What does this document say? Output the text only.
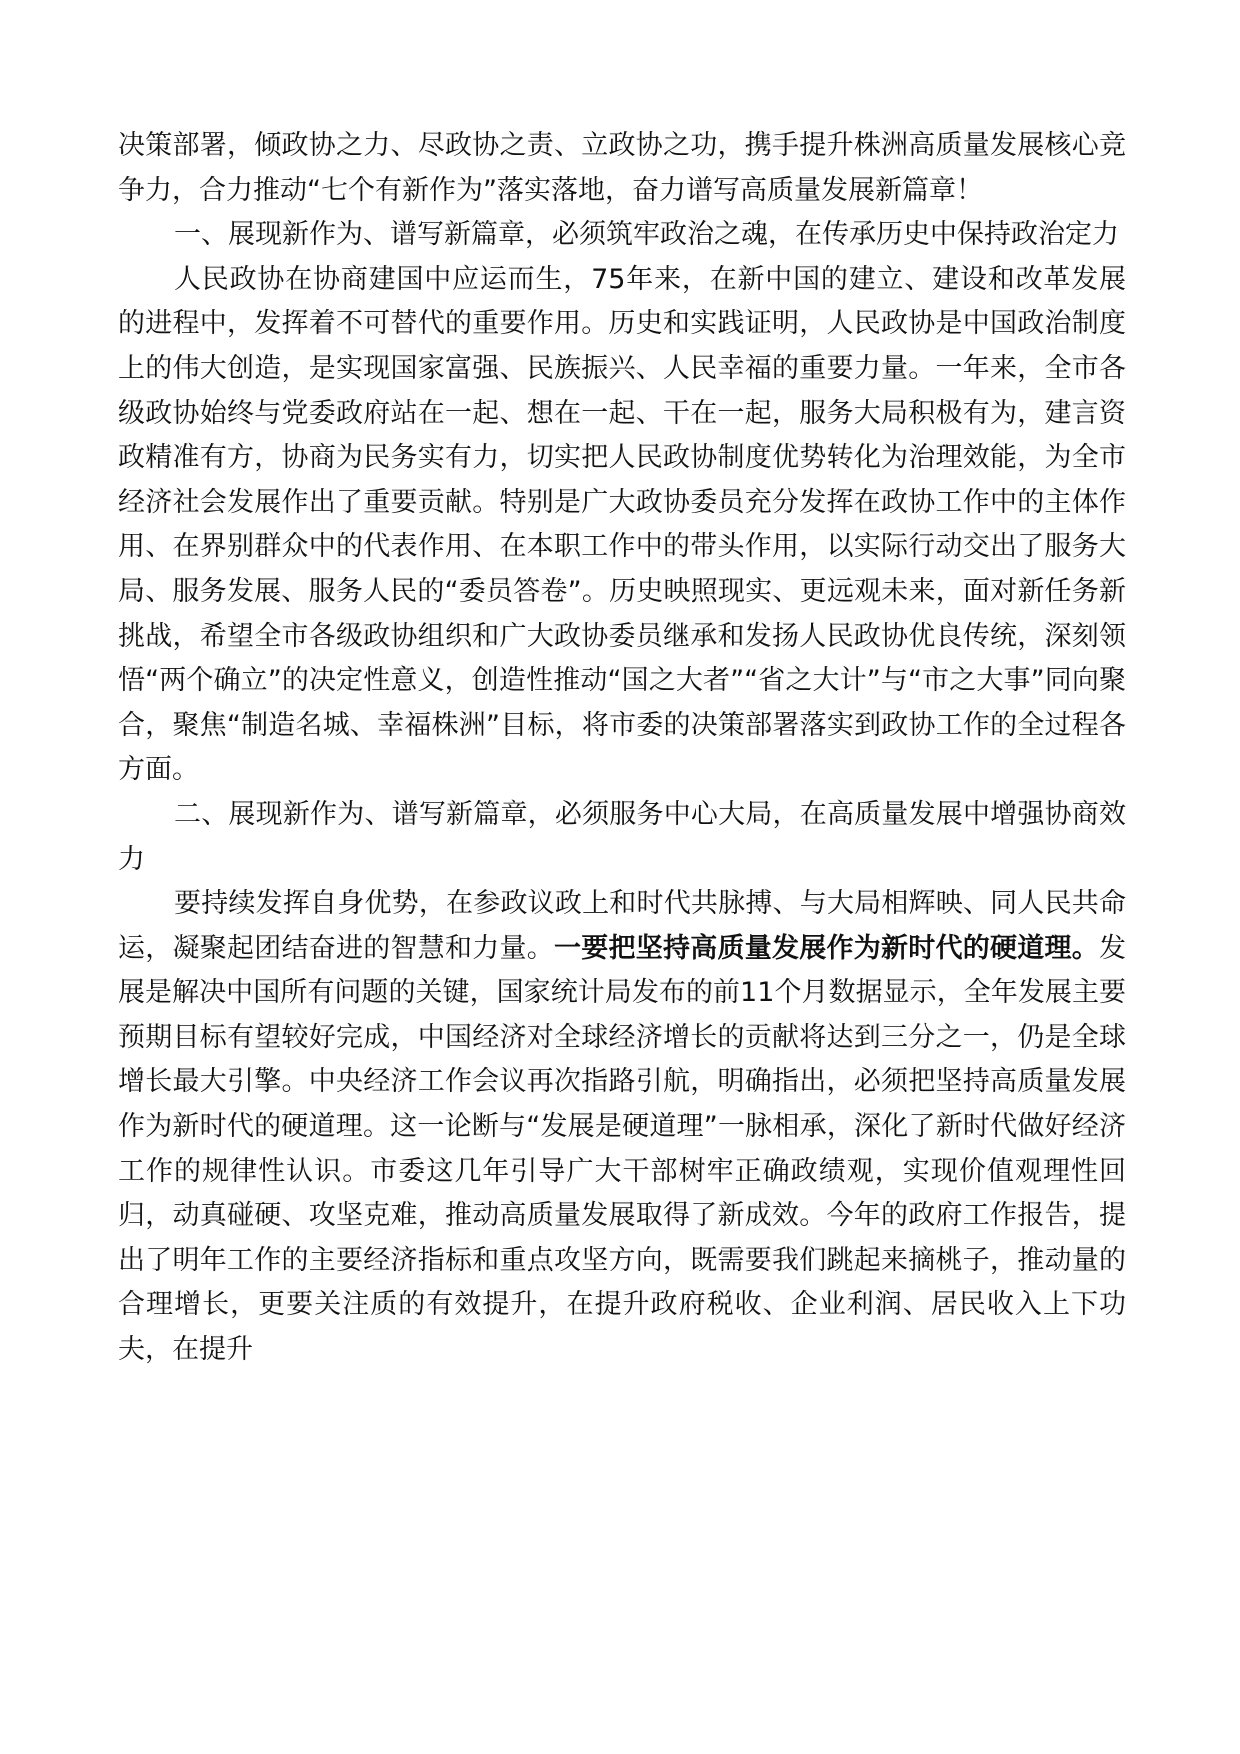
决策部署，倾政协之力、尽政协之责、立政协之功，携手提升株洲高质量发展核心竞争力，合力推动“七个有新作为”落实落地，奋力谱写高质量发展新篇章！

一、展现新作为、谱写新篇章，必须筑牢政治之魂，在传承历史中保持政治定力

人民政协在协商建国中应运而生，75年来，在新中国的建立、建设和改革发展的进程中，发挥着不可替代的重要作用。历史和实践证明，人民政协是中国政治制度上的伟大创造，是实现国家富强、民族振兴、人民幸福的重要力量。一年来，全市各级政协始终与党委政府站在一起、想在一起、干在一起，服务大局积极有为，建言资政精准有方，协商为民务实有力，切实把人民政协制度优势转化为治理效能，为全市经济社会发展作出了重要贡献。特别是广大政协委员充分发挥在政协工作中的主体作用、在界别群众中的代表作用、在本职工作中的带头作用，以实际行动交出了服务大局、服务发展、服务人民的“委员答卷”。历史映照现实、更远观未来，面对新任务新挑战，希望全市各级政协组织和广大政协委员继承和发扬人民政协优良传统，深刻领悟“两个确立”的决定性意义，创造性推动“国之大者”“省之大计”与“市之大事”同向聚合，聚焦“制造名城、幸福株洲”目标，将市委的决策部署落实到政协工作的全过程各方面。

二、展现新作为、谱写新篇章，必须服务中心大局，在高质量发展中增强协商效力

要持续发挥自身优势，在参政议政上和时代共脉搏、与大局相辉映、同人民共命运，凝聚起团结奋进的智慧和力量。一要把坚持高质量发展作为新时代的硬道理。发展是解决中国所有问题的关键，国家统计局发布的前11个月数据显示，全年发展主要预期目标有望较好完成，中国经济对全球经济增长的贡献将达到三分之一，仍是全球增长最大引擎。中央经济工作会议再次指路引航，明确指出，必须把坚持高质量发展作为新时代的硬道理。这一论断与“发展是硬道理”一脉相承，深化了新时代做好经济工作的规律性认识。市委这几年引导广大干部树牢正确政绩观，实现价值观理性回归，动真碰硬、攻坚克难，推动高质量发展取得了新成效。今年的政府工作报告，提出了明年工作的主要经济指标和重点攻坚方向，既需要我们跳起来摘桃子，推动量的合理增长，更要关注质的有效提升，在提升政府税收、企业利润、居民收入上下功夫，在提升
